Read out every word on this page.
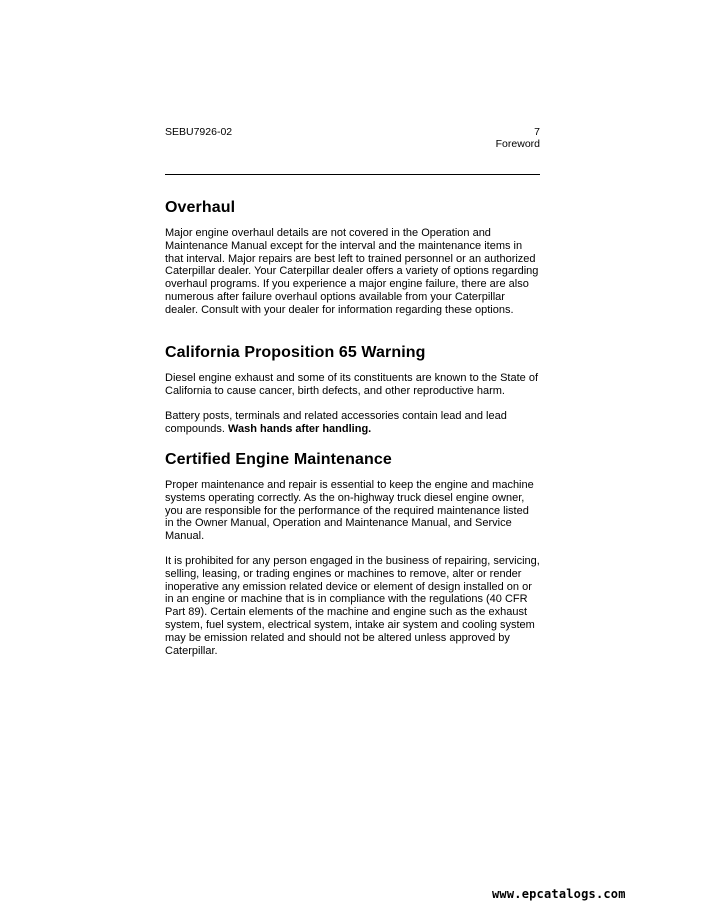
SEBU7926-02	7
Foreword
Overhaul

Major engine overhaul details are not covered in the Operation and Maintenance Manual except for the interval and the maintenance items in that interval. Major repairs are best left to trained personnel or an authorized Caterpillar dealer. Your Caterpillar dealer offers a variety of options regarding overhaul programs. If you experience a major engine failure, there are also numerous after failure overhaul options available from your Caterpillar dealer. Consult with your dealer for information regarding these options.

California Proposition 65 Warning

Diesel engine exhaust and some of its constituents are known to the State of California to cause cancer, birth defects, and other reproductive harm.

Battery posts, terminals and related accessories contain lead and lead compounds. Wash hands after handling.

Certified Engine Maintenance

Proper maintenance and repair is essential to keep the engine and machine systems operating correctly. As the on-highway truck diesel engine owner, you are responsible for the performance of the required maintenance listed in the Owner Manual, Operation and Maintenance Manual, and Service Manual.

It is prohibited for any person engaged in the business of repairing, servicing, selling, leasing, or trading engines or machines to remove, alter or render inoperative any emission related device or element of design installed on or in an engine or machine that is in compliance with the regulations (40 CFR Part 89). Certain elements of the machine and engine such as the exhaust system, fuel system, electrical system, intake air system and cooling system may be emission related and should not be altered unless approved by Caterpillar.

www.epcatalogs.com
